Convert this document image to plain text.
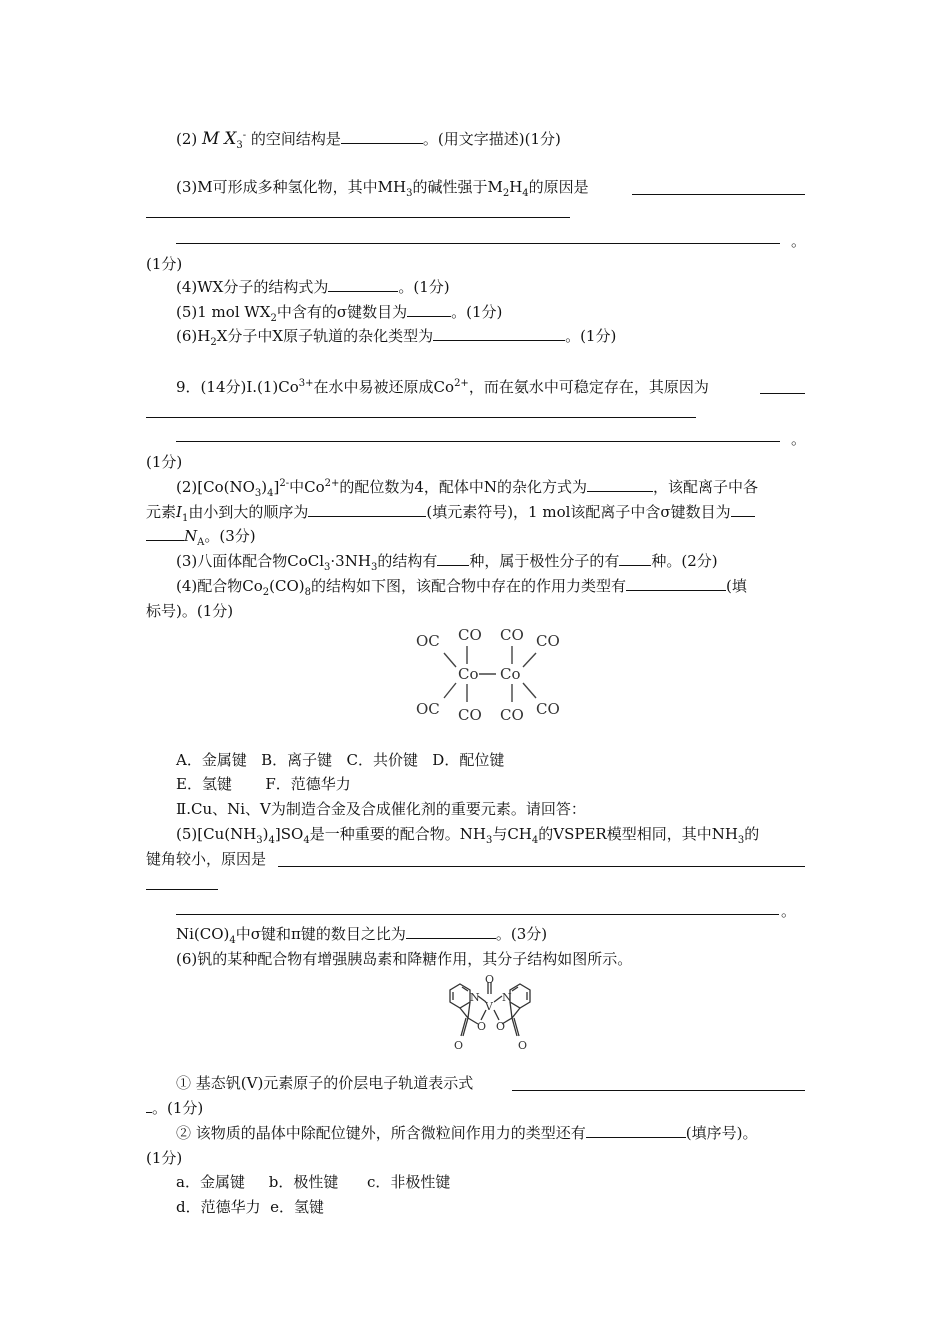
(2) M $X_3^-$ 的空间结构是	。(用文字描述)(1分)
(3)M可形成多种氢化物，其中$MH_3$的碱性强于$M_2H_4$的原因是
。
(1分)
(4)WX分子的结构式为	。(1分)
(5)1 mol $WX_2$中含有的σ键数目为	。(1分)
$(6)H_2X$分子中X原子轨道的杂化类型为	。(1分)
9．(14分)$Ⅰ.(1)Co^{3+}$在水中易被还原成$Co^{2+}$，而在氨水中可稳定存在，其原因为
。
(1分)
$(2)[Co(NO_3)_4]^{2-}$中$Co^{2+}$的配位数为4，配体中N的杂化方式为	，该配离子中各
元素$I_1$由小到大的顺序为	(填元素符号)，1 mol该配离子中含σ键数目为
$N_A$。(3分)
(3)八面体配合物$CoCl_3\cdot 3NH_3$的结构有 种，属于极性分子的有 种。(2分)
(4)配合物$Co_2(CO)_8$的结构如下图，该配合物中存在的作用力类型有	(填
标号)。(1分)
OC CO CO CO
Co Co
OC CO CO CO
A．金属键 B．离子键 C．共价键 D．配位键
E．氢键 F．范德华力
Ⅱ.Cu、Ni、V为制造合金及合成催化剂的重要元素。请回答：
$(5)[Cu(NH_3)_4]SO_4$是一种重要的配合物。$NH_3$与$CH_4$的VSPER模型相同，其中$NH_3$的
键角较小，原因是
。
$Ni(CO)_4$中σ键和π键的数目之比为	。(3分)
(6)钒的某种配合物有增强胰岛素和降糖作用，其分子结构如图所示。
N
O
V
N
O O
O	O
① 基态钒(V)元素原子的价层电子轨道表示式
。(1分)
② 该物质的晶体中除配位键外，所含微粒间作用力的类型还有	(填序号)。
(1分)
a．金属键 b．极性键 c．非极性键
d．范德华力 e．氢键
